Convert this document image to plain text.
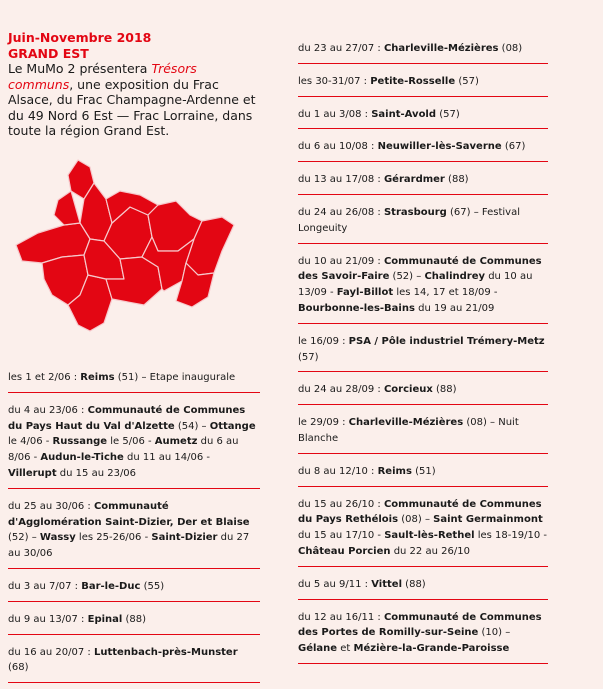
Juin-Novembre 2018
GRAND EST
Le MuMo 2 présentera Trésors communs, une exposition du Frac Alsace, du Frac Champagne-Ardenne et du 49 Nord 6 Est — Frac Lorraine, dans toute la région Grand Est.
les 1 et 2/06 : Reims (51) – Etape inaugurale
du 4 au 23/06 : Communauté de Communes du Pays Haut du Val d'Alzette (54) – Ottange le 4/06 - Russange le 5/06 - Aumetz du 6 au 8/06 - Audun-le-Tiche du 11 au 14/06 - Villerupt du 15 au 23/06
du 25 au 30/06 : Communauté d'Agglomération Saint-Dizier, Der et Blaise (52) – Wassy les 25-26/06 - Saint-Dizier du 27 au 30/06
du 3 au 7/07 : Bar-le-Duc (55)
du 9 au 13/07 : Epinal (88)
du 16 au 20/07 : Luttenbach-près-Munster (68)
du 23 au 27/07 : Charleville-Mézières (08)
les 30-31/07 : Petite-Rosselle (57)
du 1 au 3/08 : Saint-Avold (57)
du 6 au 10/08 : Neuwiller-lès-Saverne (67)
du 13 au 17/08 : Gérardmer (88)
du 24 au 26/08 : Strasbourg (67) – Festival Longeuity
du 10 au 21/09 : Communauté de Communes des Savoir-Faire (52) – Chalindrey du 10 au 13/09 - Fayl-Billot les 14, 17 et 18/09 - Bourbonne-les-Bains du 19 au 21/09
le 16/09 : PSA / Pôle industriel Trémery-Metz (57)
du 24 au 28/09 : Corcieux (88)
le 29/09 : Charleville-Mézières (08) – Nuit Blanche
du 8 au 12/10 : Reims (51)
du 15 au 26/10 : Communauté de Communes du Pays Rethélois (08) – Saint Germainmont du 15 au 17/10 - Sault-lès-Rethel les 18-19/10 - Château Porcien du 22 au 26/10
du 5 au 9/11 : Vittel (88)
du 12 au 16/11 : Communauté de Communes des Portes de Romilly-sur-Seine (10) – Gélane et Mézière-la-Grande-Paroisse
